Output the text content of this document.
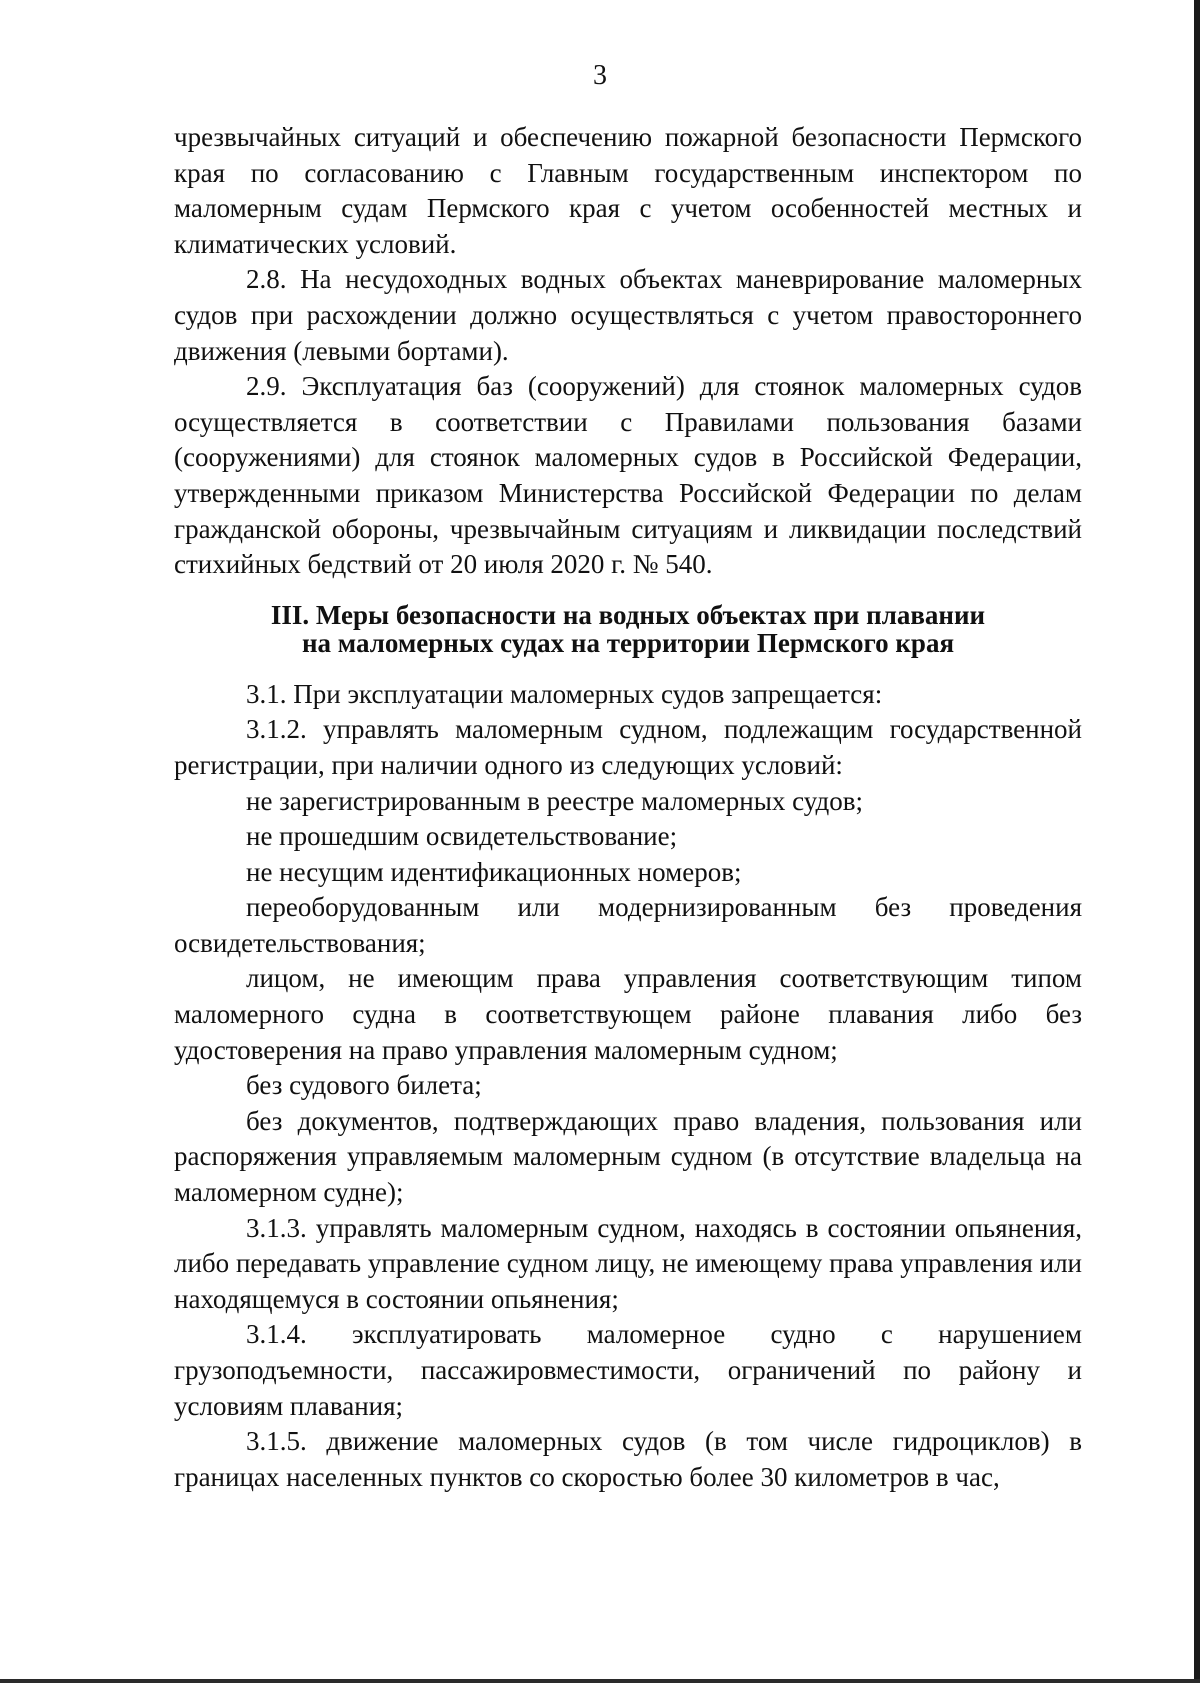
3

чрезвычайных ситуаций и обеспечению пожарной безопасности Пермского края по согласованию с Главным государственным инспектором по маломерным судам Пермского края с учетом особенностей местных и климатических условий.

2.8. На несудоходных водных объектах маневрирование маломерных судов при расхождении должно осуществляться с учетом правостороннего движения (левыми бортами).

2.9. Эксплуатация баз (сооружений) для стоянок маломерных судов осуществляется в соответствии с Правилами пользования базами (сооружениями) для стоянок маломерных судов в Российской Федерации, утвержденными приказом Министерства Российской Федерации по делам гражданской обороны, чрезвычайным ситуациям и ликвидации последствий стихийных бедствий от 20 июля 2020 г. № 540.

III. Меры безопасности на водных объектах при плавании
на маломерных судах на территории Пермского края

3.1. При эксплуатации маломерных судов запрещается:

3.1.2. управлять маломерным судном, подлежащим государственной регистрации, при наличии одного из следующих условий:

не зарегистрированным в реестре маломерных судов;

не прошедшим освидетельствование;

не несущим идентификационных номеров;

переоборудованным или модернизированным без проведения освидетельствования;

лицом, не имеющим права управления соответствующим типом маломерного судна в соответствующем районе плавания либо без удостоверения на право управления маломерным судном;

без судового билета;

без документов, подтверждающих право владения, пользования или распоряжения управляемым маломерным судном (в отсутствие владельца на маломерном судне);

3.1.3. управлять маломерным судном, находясь в состоянии опьянения, либо передавать управление судном лицу, не имеющему права управления или находящемуся в состоянии опьянения;

3.1.4. эксплуатировать маломерное судно с нарушением грузоподъемности, пассажировместимости, ограничений по району и условиям плавания;

3.1.5. движение маломерных судов (в том числе гидроциклов) в границах населенных пунктов со скоростью более 30 километров в час,
